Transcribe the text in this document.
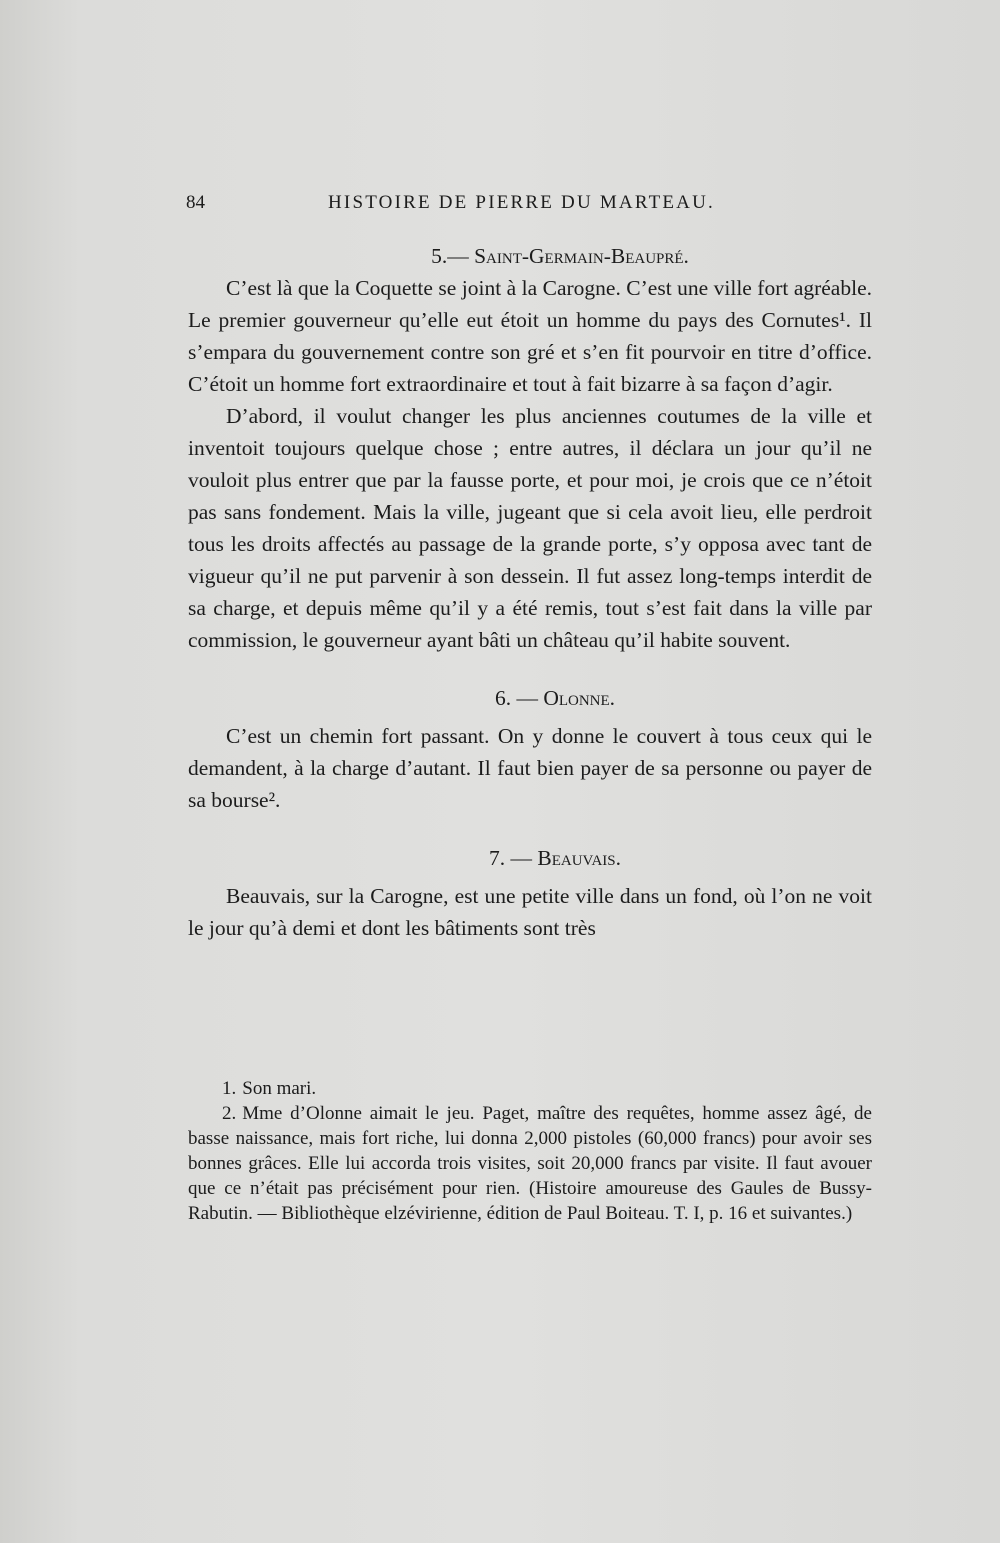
84	HISTOIRE DE PIERRE DU MARTEAU.

5.— Saint-Germain-Beaupré.

C’est là que la Coquette se joint à la Carogne. C’est une ville fort agréable. Le premier gouverneur qu’elle eut étoit un homme du pays des Cornutes¹. Il s’empara du gouvernement contre son gré et s’en fit pourvoir en titre d’office. C’étoit un homme fort extraordinaire et tout à fait bizarre à sa façon d’agir.

D’abord, il voulut changer les plus anciennes coutumes de la ville et inventoit toujours quelque chose ; entre autres, il déclara un jour qu’il ne vouloit plus entrer que par la fausse porte, et pour moi, je crois que ce n’étoit pas sans fondement. Mais la ville, jugeant que si cela avoit lieu, elle perdroit tous les droits affectés au passage de la grande porte, s’y opposa avec tant de vigueur qu’il ne put parvenir à son dessein. Il fut assez long-temps interdit de sa charge, et depuis même qu’il y a été remis, tout s’est fait dans la ville par commission, le gouverneur ayant bâti un château qu’il habite souvent.

6. — Olonne.

C’est un chemin fort passant. On y donne le couvert à tous ceux qui le demandent, à la charge d’autant. Il faut bien payer de sa personne ou payer de sa bourse².

7. — Beauvais.

Beauvais, sur la Carogne, est une petite ville dans un fond, où l’on ne voit le jour qu’à demi et dont les bâtiments sont très

1. Son mari.

2. Mme d’Olonne aimait le jeu. Paget, maître des requêtes, homme assez âgé, de basse naissance, mais fort riche, lui donna 2,000 pistoles (60,000 francs) pour avoir ses bonnes grâces. Elle lui accorda trois visites, soit 20,000 francs par visite. Il faut avouer que ce n’était pas précisément pour rien. (Histoire amoureuse des Gaules de Bussy-Rabutin. — Bibliothèque elzévirienne, édition de Paul Boiteau. T. I, p. 16 et suivantes.)
